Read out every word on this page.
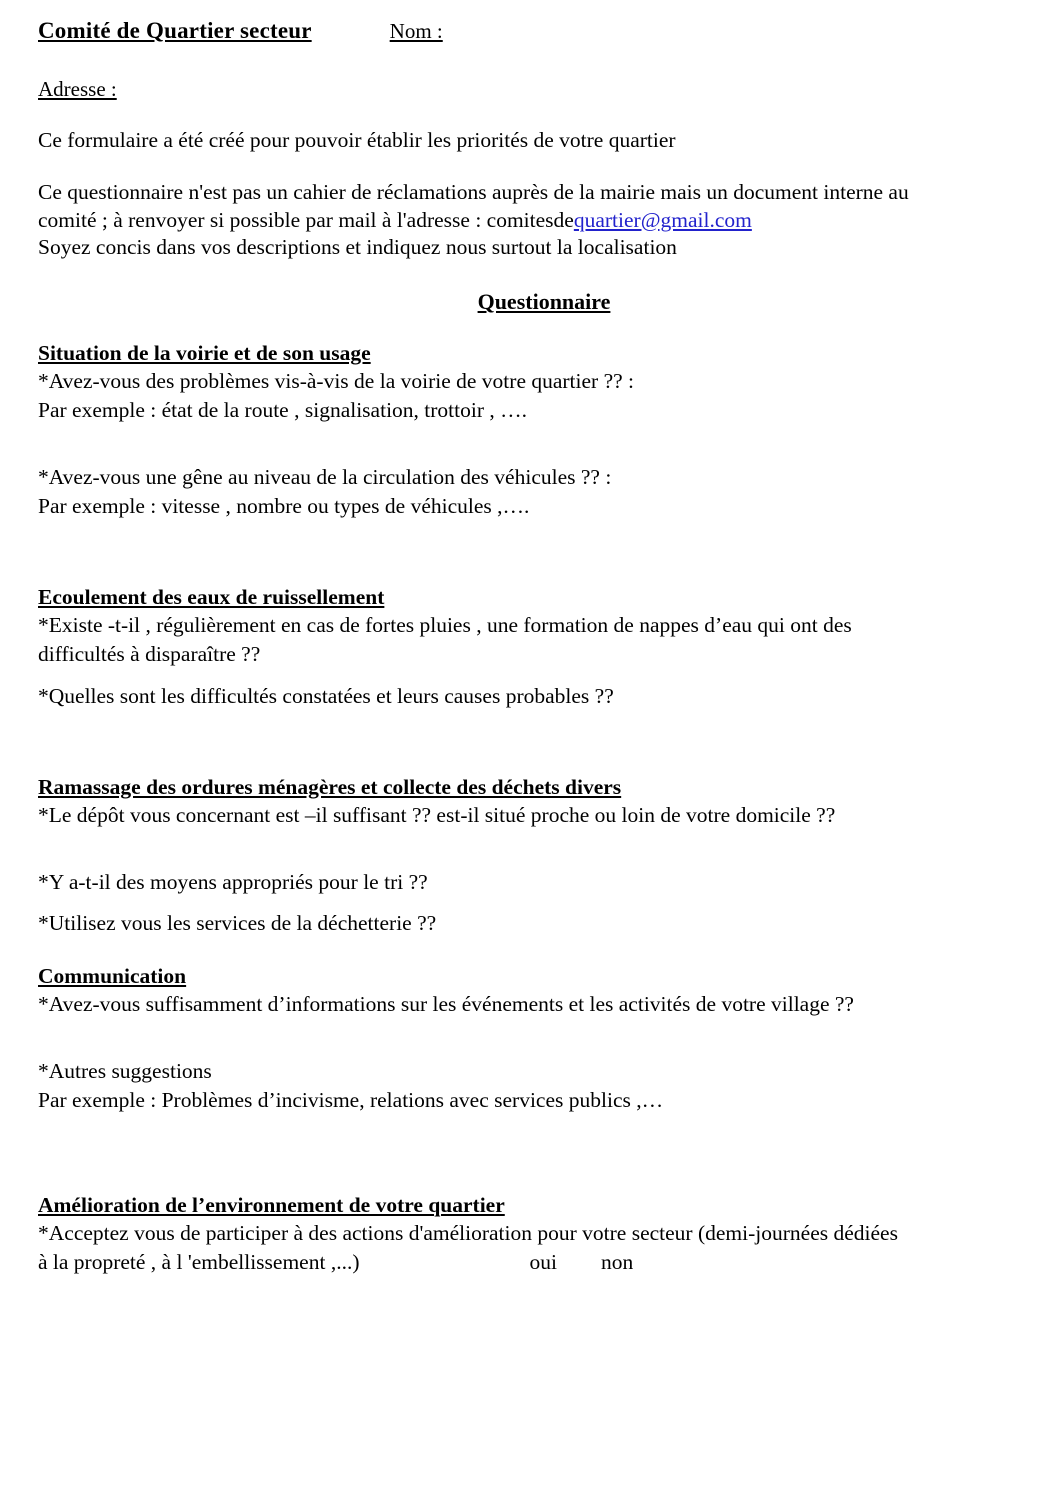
Comité de Quartier secteur	Nom :
Adresse :

Ce formulaire a été créé pour pouvoir établir les priorités de votre quartier

Ce questionnaire n'est pas un cahier de réclamations auprès de la mairie mais un document interne au

comité ; à renvoyer si possible par mail à l'adresse : comitesdequartier@gmail.com

Soyez concis dans vos descriptions et indiquez nous surtout la localisation

Questionnaire
Situation de la voirie et de son usage

*Avez-vous des problèmes vis-à-vis de la voirie de votre quartier ?? :

Par exemple : état de la route , signalisation, trottoir , ….

*Avez-vous une gêne au niveau de la circulation des véhicules ?? :

Par exemple : vitesse , nombre ou types de véhicules ,….

Ecoulement des eaux de ruissellement

*Existe -t-il , régulièrement en cas de fortes pluies , une formation de nappes d’eau qui ont des

difficultés à disparaître ??

*Quelles sont les difficultés constatées et leurs causes probables ??

Ramassage des ordures ménagères et collecte des déchets divers

*Le dépôt vous concernant est –il suffisant ?? est-il situé proche ou loin de votre domicile ??

*Y a-t-il des moyens appropriés pour le tri ??

*Utilisez vous les services de la déchetterie ??

Communication

*Avez-vous suffisamment d’informations sur les événements et les activités de votre village ??

*Autres suggestions

Par exemple : Problèmes d’incivisme, relations avec services publics ,…

Amélioration de l’environnement de votre quartier

*Acceptez vous de participer à des actions d'amélioration pour votre secteur (demi-journées dédiées

à la propreté , à l 'embellissement ,...)	oui non
